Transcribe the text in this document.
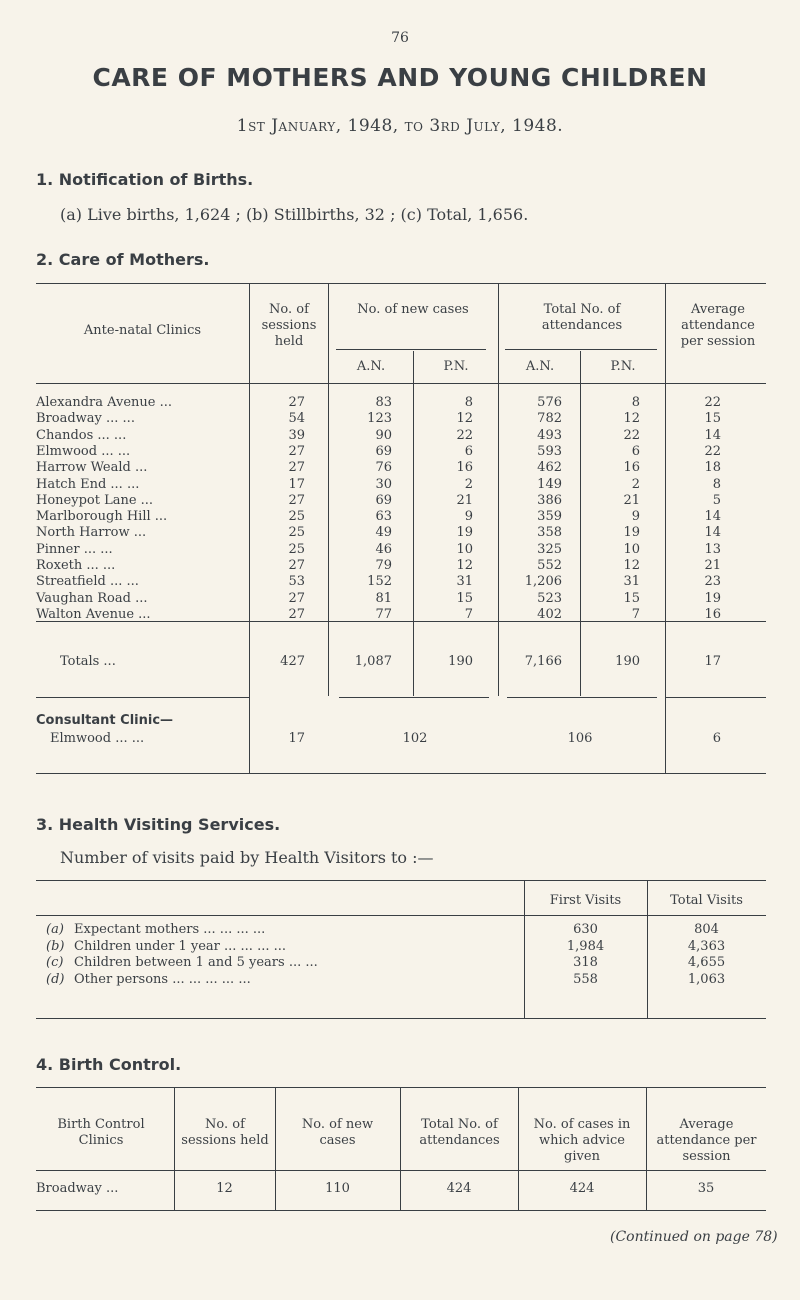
76
CARE OF MOTHERS AND YOUNG CHILDREN
1st January, 1948, to 3rd July, 1948.
1. Notification of Births.
(a) Live births, 1,624 ; (b) Stillbirths, 32 ; (c) Total, 1,656.
2. Care of Mothers.
Ante-natal Clinics
No. of sessions held
No. of new cases	Total No. of attendances
Average attendance per session
A.N.	P.N.	A.N.	P.N.
Alexandra Avenue ...	27	83	8	576	8	22
Broadway ... ...	54	123	12	782	12	15
Chandos ... ...	39	90	22	493	22	14
Elmwood ... ...	27	69	6	593	6	22
Harrow Weald ...	27	76	16	462	16	18
Hatch End ... ...	17	30	2	149	2	8
Honeypot Lane ...	27	69	21	386	21	5
Marlborough Hill ...	25	63	9	359	9	14
North Harrow ...	25	49	19	358	19	14
Pinner ... ...	25	46	10	325	10	13
Roxeth ... ...	27	79	12	552	12	21
Streatfield ... ...	53	152	31	1,206	31	23
Vaughan Road ...	27	81	15	523	15	19
Walton Avenue ...	27	77	7	402	7	16
Totals ...	427	1,087	190	7,166	190	17
Consultant Clinic—
Elmwood ... ...	17	102	106	6
3. Health Visiting Services.
Number of visits paid by Health Visitors to :—
First Visits	Total Visits
(a) Expectant mothers ... ... ... ...	630	804
(b) Children under 1 year ... ... ... ...	1,984	4,363
(c) Children between 1 and 5 years ... ...	318	4,655
(d) Other persons ... ... ... ... ...	558	1,063
4. Birth Control.
Birth Control Clinics
No. of sessions held
No. of new cases
Total No. of attendances
No. of cases in which advice given
Average attendance per session
Broadway ...	12	110	424	424	35
(Continued on page 78)
